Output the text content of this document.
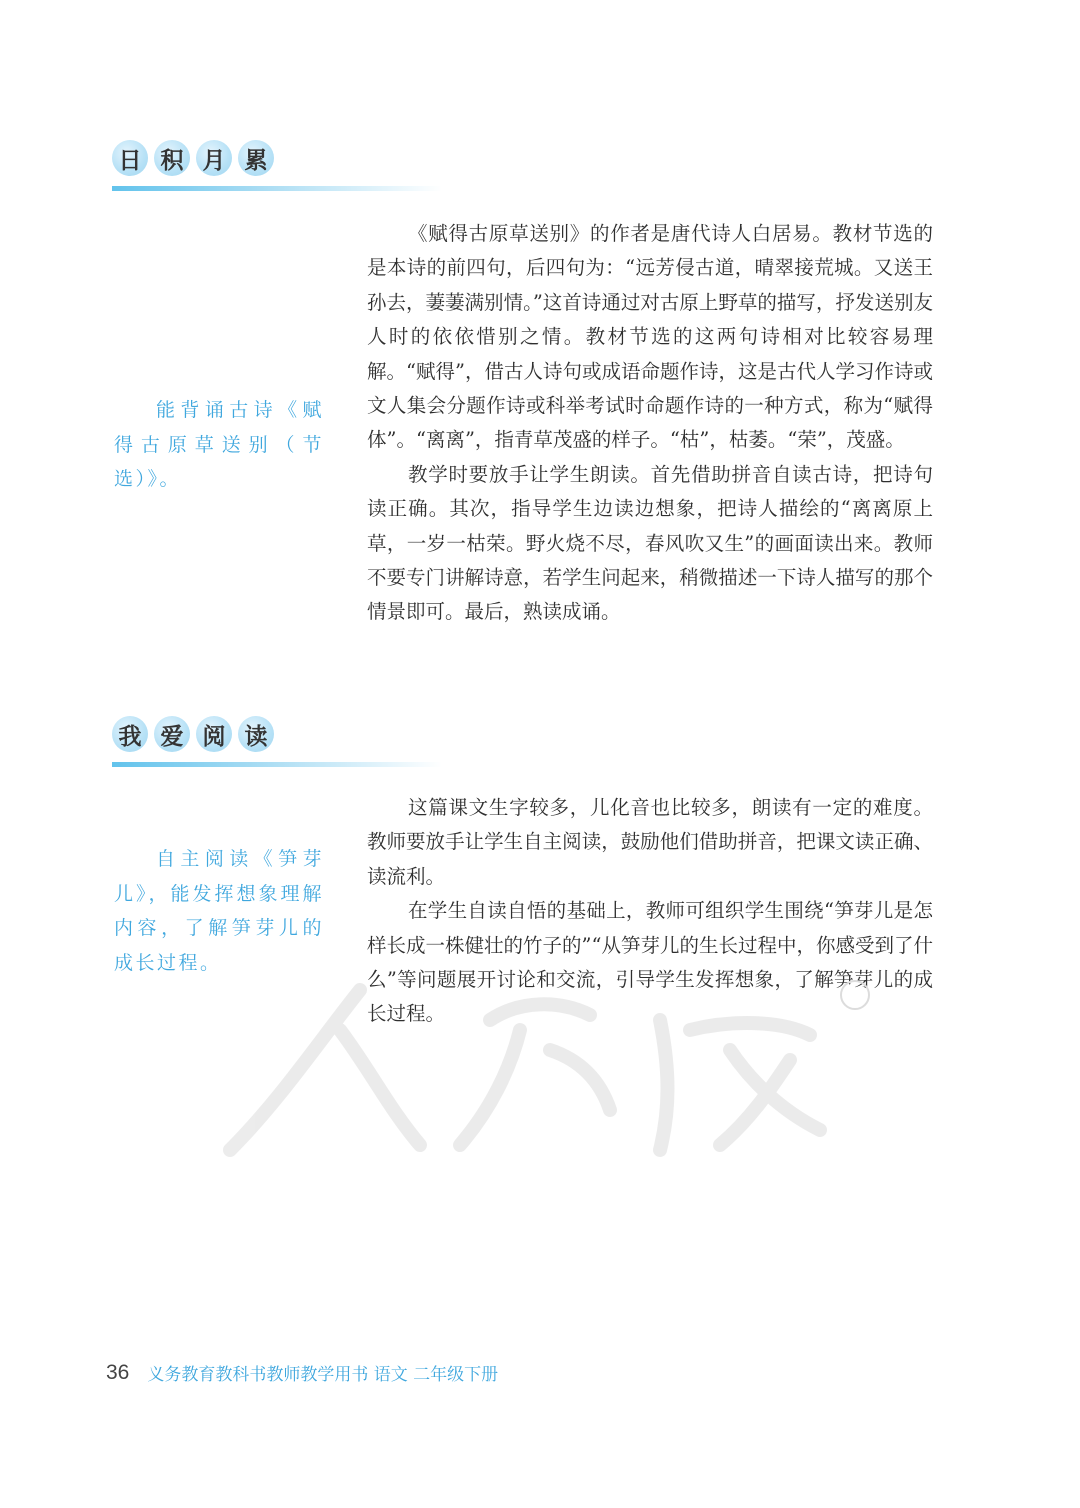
日 积 月 累
能背诵古诗《赋得古原草送别（节选）》。

《赋得古原草送别》的作者是唐代诗人白居易。教材节选的是本诗的前四句，后四句为：“远芳侵古道，晴翠接荒城。又送王孙去，萋萋满别情。”这首诗通过对古原上野草的描写，抒发送别友人时的依依惜别之情。教材节选的这两句诗相对比较容易理解。“赋得”，借古人诗句或成语命题作诗，这是古代人学习作诗或文人集会分题作诗或科举考试时命题作诗的一种方式，称为“赋得体”。“离离”，指青草茂盛的样子。“枯”，枯萎。“荣”，茂盛。

教学时要放手让学生朗读。首先借助拼音自读古诗，把诗句读正确。其次，指导学生边读边想象，把诗人描绘的“离离原上草，一岁一枯荣。野火烧不尽，春风吹又生”的画面读出来。教师不要专门讲解诗意，若学生问起来，稍微描述一下诗人描写的那个情景即可。最后，熟读成诵。

我 爱 阅 读
自主阅读《笋芽儿》，能发挥想象理解内容，了解笋芽儿的成长过程。

这篇课文生字较多，儿化音也比较多，朗读有一定的难度。教师要放手让学生自主阅读，鼓励他们借助拼音，把课文读正确、读流利。

在学生自读自悟的基础上，教师可组织学生围绕“笋芽儿是怎样长成一株健壮的竹子的”“从笋芽儿的生长过程中，你感受到了什么”等问题展开讨论和交流，引导学生发挥想象，了解笋芽儿的成长过程。

36 义务教育教科书教师教学用书 语文 二年级下册
